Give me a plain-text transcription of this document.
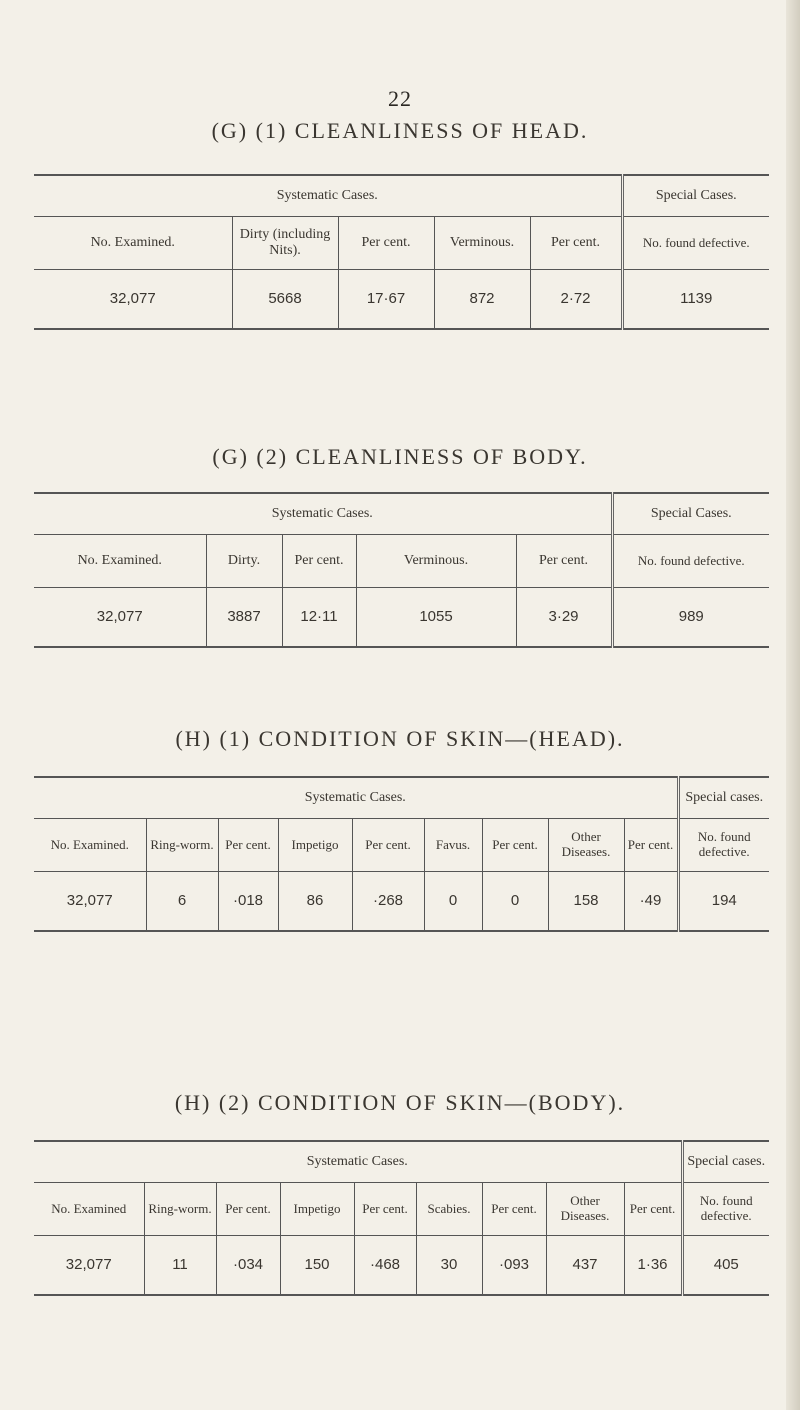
22
(G) (1) CLEANLINESS OF HEAD.
Systematic Cases.					Special Cases.
No. Examined.	Dirty (including Nits).	Per cent.	Verminous.	Per cent.	No. found defective.
32,077	5668	17·67	872	2·72	1139
(G) (2) CLEANLINESS OF BODY.
Systematic Cases.					Special Cases.
No. Examined.	Dirty.	Per cent.	Verminous.	Per cent.	No. found defective.
32,077	3887	12·11	1055	3·29	989
(H) (1) CONDITION OF SKIN—(HEAD).
Systematic Cases.									Special cases.
No. Examined.	Ring-worm.	Per cent.	Impetigo	Per cent.	Favus.	Per cent.	Other Diseases.	Per cent.	No. found defective.
32,077	6	·018	86	·268	0	0	158	·49	194
(H) (2) CONDITION OF SKIN—(BODY).
Systematic Cases.									Special cases.
No. Examined	Ring-worm.	Per cent.	Impetigo	Per cent.	Scabies.	Per cent.	Other Diseases.	Per cent.	No. found defective.
32,077	11	·034	150	·468	30	·093	437	1·36	405
